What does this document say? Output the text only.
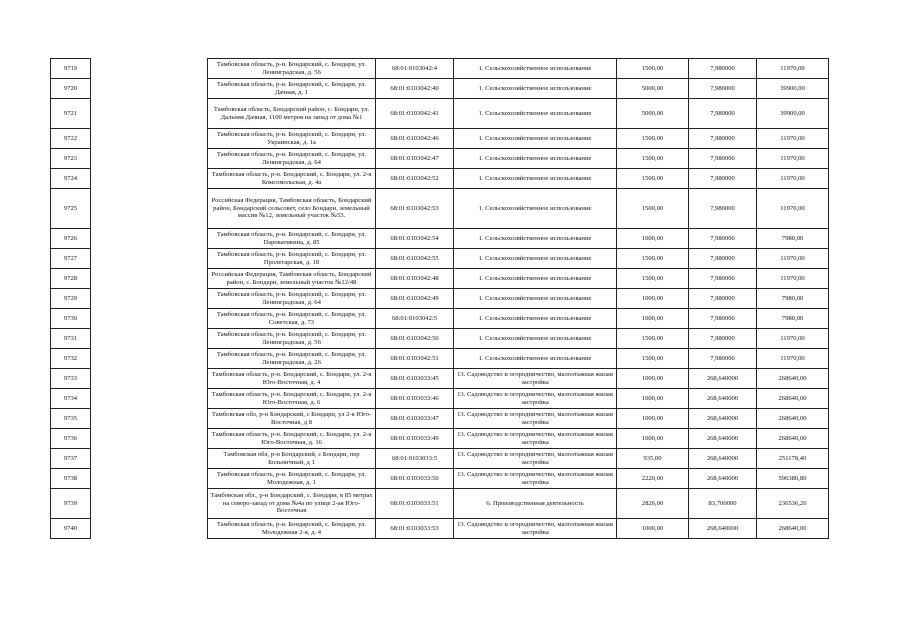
9719		Тамбовская область, р-н. Бондарский, с. Бондари, ул. Ленинградская, д. 56	68:01:0103042:4	1. Сельскохозяйственное использование	1500,00	7,980000	11970,00
9720		Тамбовская область, р-н. Бондарский, с. Бондари, ул. Дачная, д. 1	68:01:0103042:40	1. Сельскохозяйственное использование	5000,00	7,980000	39900,00
9721		Тамбовская область, Бондарский район, с. Бондари, ул. Дальняя Дачная, 1100 метров на запад от дома №1	68:01:0103042:41	1. Сельскохозяйственное использование	5000,00	7,980000	39900,00
9722		Тамбовская область, р-н. Бондарский, с. Бондари, ул. Украинская, д. 1а	68:01:0103042:46	1. Сельскохозяйственное использование	1500,00	7,980000	11970,00
9723		Тамбовская область, р-н. Бондарский, с. Бондари, ул. Ленинградская, д. 64	68:01:0103042:47	1. Сельскохозяйственное использование	1500,00	7,980000	11970,00
9724		Тамбовская область, р-н. Бондарский, с. Бондари, ул. 2-я Комсомольская, д. 4а	68:01:0103042:52	1. Сельскохозяйственное использование	1500,00	7,980000	11970,00
9725		Российская Федерация, Тамбовская область, Бондарский район, Бондарский сельсовет, село Бондари, земельный массив №12, земельный участок №53.	68:01:0103042:53	1. Сельскохозяйственное использование	1500,00	7,980000	11970,00
9726		Тамбовская область, р-н. Бондарский, с. Бондари, ул. Пароватикина, д. 85	68:01:0103042:54	1. Сельскохозяйственное использование	1000,00	7,980000	7980,00
9727		Тамбовская область, р-н. Бондарский, с. Бондари, ул. Пролетарская, д. 18	68:01:0103042:55	1. Сельскохозяйственное использование	1500,00	7,980000	11970,00
9728		Российская Федерация, Тамбовская область, Бондарский район, с. Бондари, земельный участок №12/48	68:01:0103042:48	1. Сельскохозяйственное использование	1500,00	7,980000	11970,00
9729		Тамбовская область, р-н. Бондарский, с. Бондари, ул. Ленинградская, д. 64	68:01:0103042:49	1. Сельскохозяйственное использование	1000,00	7,980000	7980,00
9730		Тамбовская область, р-н. Бондарский, с. Бондари, ул. Советская, д. 73	68:01:0103042:5	1. Сельскохозяйственное использование	1000,00	7,980000	7980,00
9731		Тамбовская область, р-н. Бондарский, с. Бондари, ул. Ленинградская, д. 56	68:01:0103042:50	1. Сельскохозяйственное использование	1500,00	7,980000	11970,00
9732		Тамбовская область, р-н. Бондарский, с. Бондари, ул. Ленинградская, д. 26	68:01:0103042:51	1. Сельскохозяйственное использование	1500,00	7,980000	11970,00
9733		Тамбовская область, р-н. Бондарский, с. Бондари, ул. 2-я Юго-Восточная, д. 4	68:01:0103033:45	13. Садоводство и огородничество, малоэтажная жилая застройка	1000,00	268,640000	268640,00
9734		Тамбовская область, р-н. Бондарский, с. Бондари, ул. 2-я Юго-Восточная, д. 6	68:01:0103033:46	13. Садоводство и огородничество, малоэтажная жилая застройка	1000,00	268,640000	268640,00
9735		Тамбовская обл, р-н Бондарский, с Бондари, ул 2-я Юго-Восточная, д 8	68:01:0103033:47	13. Садоводство и огородничество, малоэтажная жилая застройка	1000,00	268,640000	268640,00
9736		Тамбовская область, р-н. Бондарский, с. Бондари, ул. 2-я Юго-Восточная, д. 16	68:01:0103033:49	13. Садоводство и огородничество, малоэтажная жилая застройка	1000,00	268,640000	268640,00
9737		Тамбовская обл, р-н Бондарский, с Бондари, пер Больничный, д 1	68:01:0103033:5	13. Садоводство и огородничество, малоэтажная жилая застройка	935,00	268,640000	251178,40
9738		Тамбовская область, р-н. Бондарский, с. Бондари, ул. Молодежная, д. 1	68:01:0103033:50	13. Садоводство и огородничество, малоэтажная жилая застройка	2220,00	268,640000	596380,80
9739		Тамбовская обл., р-н Бондарский, с. Бондари, в 85 метрах на северо-запад от дома №4а по улице 2-ая Юго-Восточная	68:01:0103033:51	6. Производственная деятельность	2826,00	83,700000	236536,20
9740		Тамбовская область, р-н. Бондарский, с. Бондари, ул. Молодежная 2-я, д. 4	68:01:0103033:53	13. Садоводство и огородничество, малоэтажная жилая застройка	1000,00	268,640000	268640,00
